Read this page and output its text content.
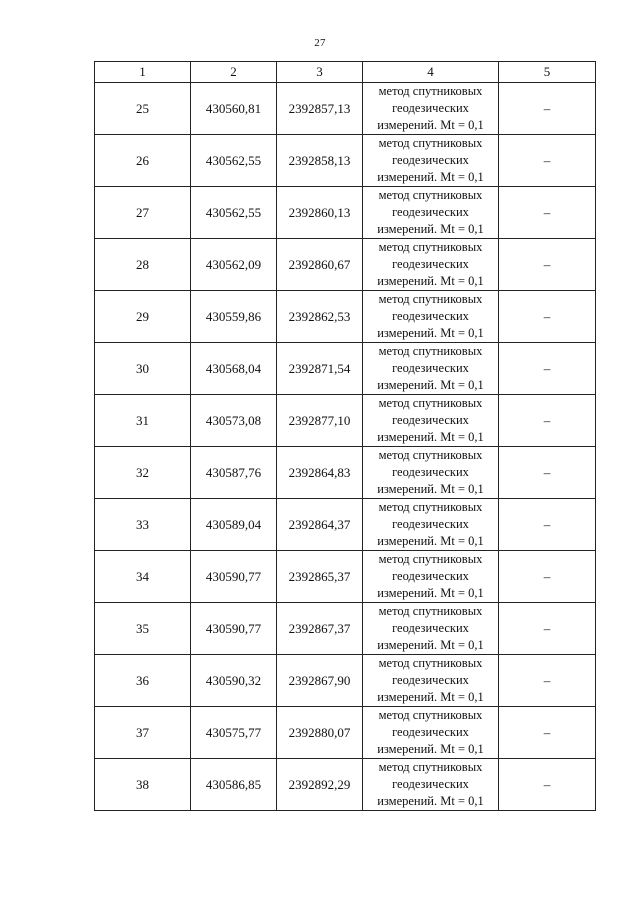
27
1	2	3	4	5
25	430560,81	2392857,13	метод спутниковых
геодезических
измерений. Mt = 0,1	–
26	430562,55	2392858,13	метод спутниковых
геодезических
измерений. Mt = 0,1	–
27	430562,55	2392860,13	метод спутниковых
геодезических
измерений. Mt = 0,1	–
28	430562,09	2392860,67	метод спутниковых
геодезических
измерений. Mt = 0,1	–
29	430559,86	2392862,53	метод спутниковых
геодезических
измерений. Mt = 0,1	–
30	430568,04	2392871,54	метод спутниковых
геодезических
измерений. Mt = 0,1	–
31	430573,08	2392877,10	метод спутниковых
геодезических
измерений. Mt = 0,1	–
32	430587,76	2392864,83	метод спутниковых
геодезических
измерений. Mt = 0,1	–
33	430589,04	2392864,37	метод спутниковых
геодезических
измерений. Mt = 0,1	–
34	430590,77	2392865,37	метод спутниковых
геодезических
измерений. Mt = 0,1	–
35	430590,77	2392867,37	метод спутниковых
геодезических
измерений. Mt = 0,1	–
36	430590,32	2392867,90	метод спутниковых
геодезических
измерений. Mt = 0,1	–
37	430575,77	2392880,07	метод спутниковых
геодезических
измерений. Mt = 0,1	–
38	430586,85	2392892,29	метод спутниковых
геодезических
измерений. Mt = 0,1	–
